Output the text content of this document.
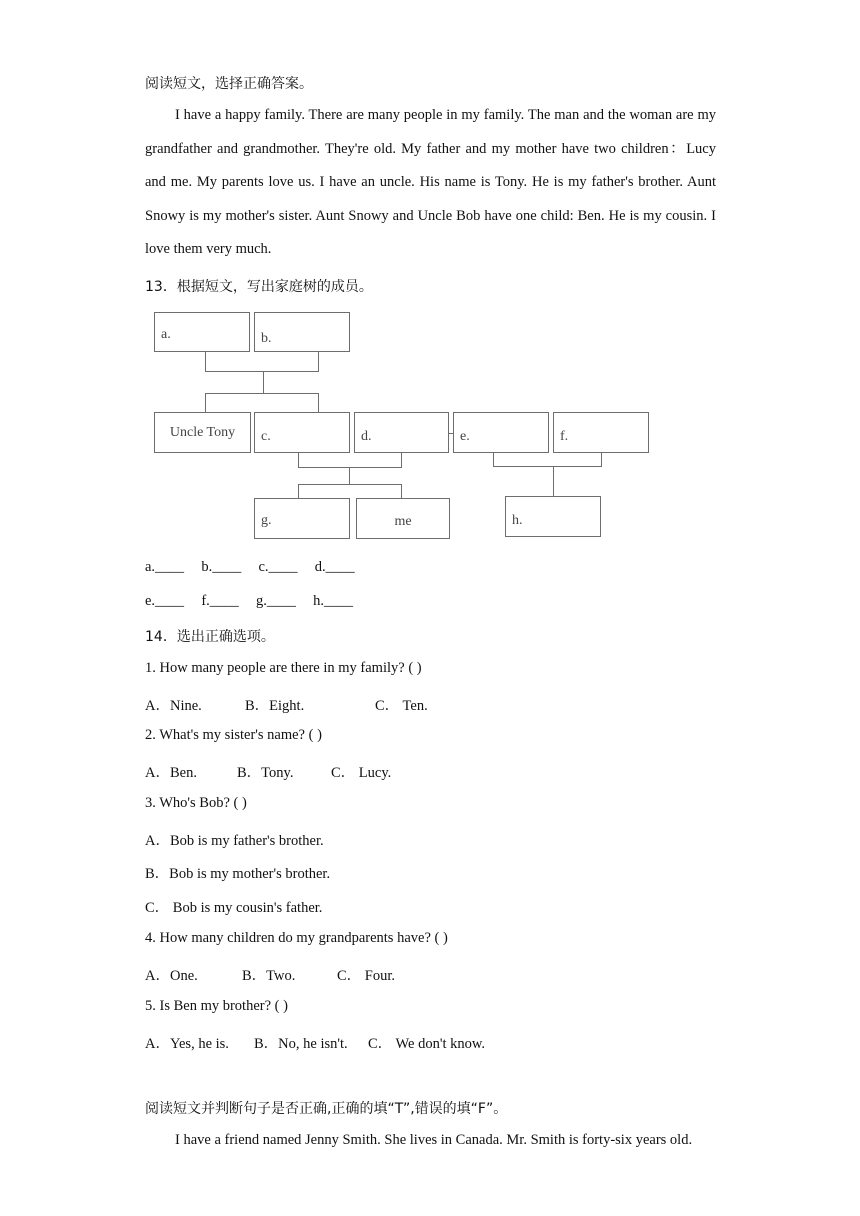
阅读短文，选择正确答案。
I have a happy family. There are many people in my family. The man and the woman are my grandfather and grandmother. They're old. My father and my mother have two children：Lucy and me. My parents love us. I have an uncle. His name is Tony. He is my father's brother. Aunt Snowy is my mother's sister. Aunt Snowy and Uncle Bob have one child: Ben. He is my cousin. I love them very much.
13．根据短文，写出家庭树的成员。
a.	b.
Uncle Tony	c.	d.	e.	f.
g.	me	h.
a.____ b.____ c.____ d.____
e.____ f.____ g.____ h.____
14．选出正确选项。
1. How many people are there in my family? ( )
A．Nine.	B．Eight.	C． Ten.
2. What's my sister's name? ( )
A．Ben.	B．Tony.	C． Lucy.
3. Who's Bob? ( )
A．Bob is my father's brother.
B．Bob is my mother's brother.
C． Bob is my cousin's father.
4. How many children do my grandparents have? ( )
A．One.	B．Two.	C． Four.
5. Is Ben my brother? ( )
A．Yes, he is. B．No, he isn't. C． We don't know.
阅读短文并判断句子是否正确,正确的填“T”,错误的填“F”。
I have a friend named Jenny Smith. She lives in Canada. Mr. Smith is forty-six years old.
